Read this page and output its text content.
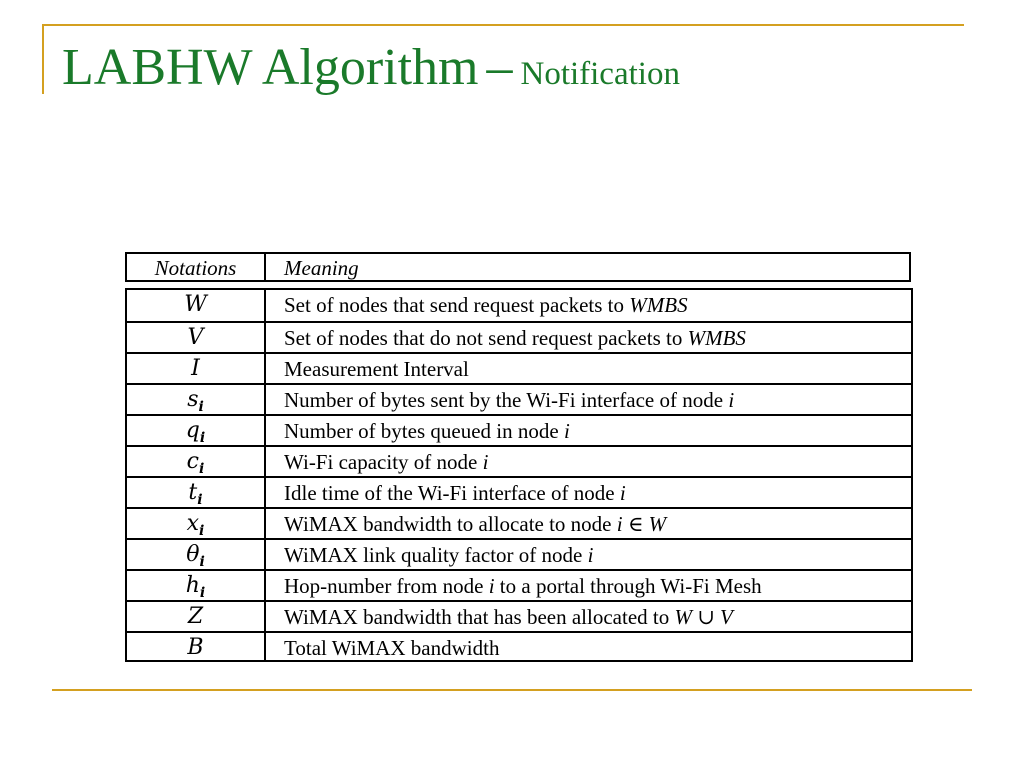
LABHW Algorithm – Notification
Notations	Meaning
W	Set of nodes that send request packets to WMBS
V	Set of nodes that do not send request packets to WMBS
I	Measurement Interval
$s_i$	Number of bytes sent by the Wi-Fi interface of node i
$q_i$	Number of bytes queued in node i
$c_i$	Wi-Fi capacity of node i
$t_i$	Idle time of the Wi-Fi interface of node i
$x_i$	WiMAX bandwidth to allocate to node i ∈ W
$\theta_i$	WiMAX link quality factor of node i
$h_i$	Hop-number from node i to a portal through Wi-Fi Mesh
Z	WiMAX bandwidth that has been allocated to W ∪ V
B	Total WiMAX bandwidth
